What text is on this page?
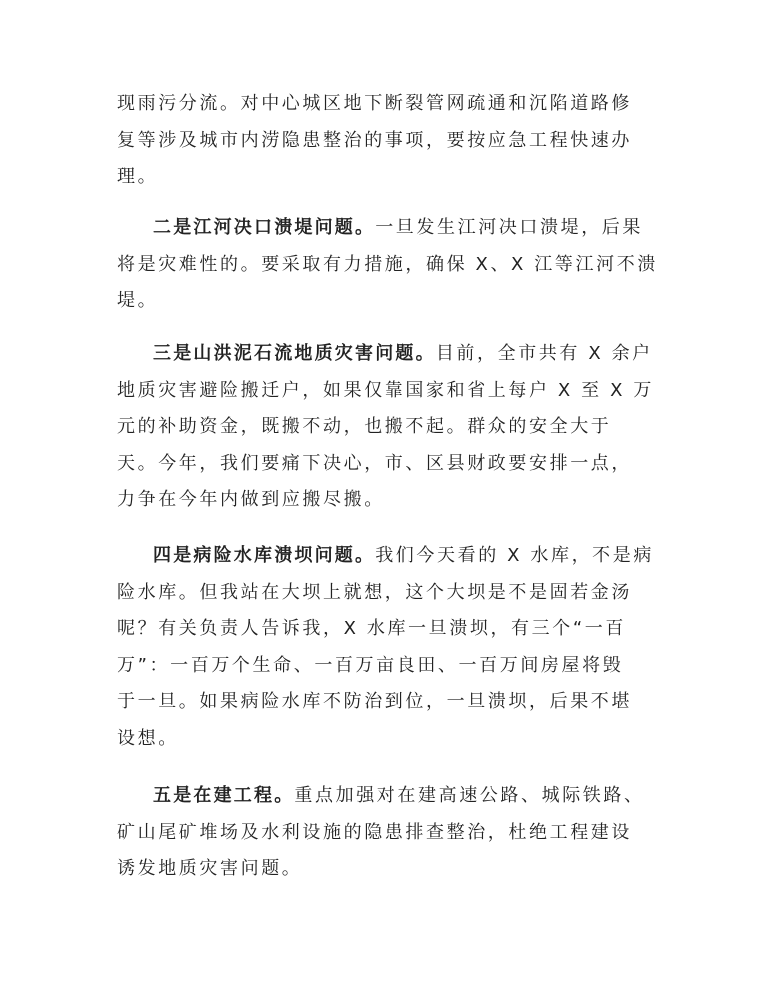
现雨污分流。对中心城区地下断裂管网疏通和沉陷道路修
复等涉及城市内涝隐患整治的事项，要按应急工程快速办
理。
二是江河决口溃堤问题。一旦发生江河决口溃堤，后果
将是灾难性的。要采取有力措施，确保 X、X 江等江河不溃
堤。
三是山洪泥石流地质灾害问题。目前，全市共有 X 余户
地质灾害避险搬迁户，如果仅靠国家和省上每户 X 至 X 万
元的补助资金，既搬不动，也搬不起。群众的安全大于
天。今年，我们要痛下决心，市、区县财政要安排一点，
力争在今年内做到应搬尽搬。
四是病险水库溃坝问题。我们今天看的 X 水库，不是病
险水库。但我站在大坝上就想，这个大坝是不是固若金汤
呢？有关负责人告诉我，X 水库一旦溃坝，有三个“一百
万”：一百万个生命、一百万亩良田、一百万间房屋将毁
于一旦。如果病险水库不防治到位，一旦溃坝，后果不堪
设想。
五是在建工程。重点加强对在建高速公路、城际铁路、
矿山尾矿堆场及水利设施的隐患排查整治，杜绝工程建设
诱发地质灾害问题。
